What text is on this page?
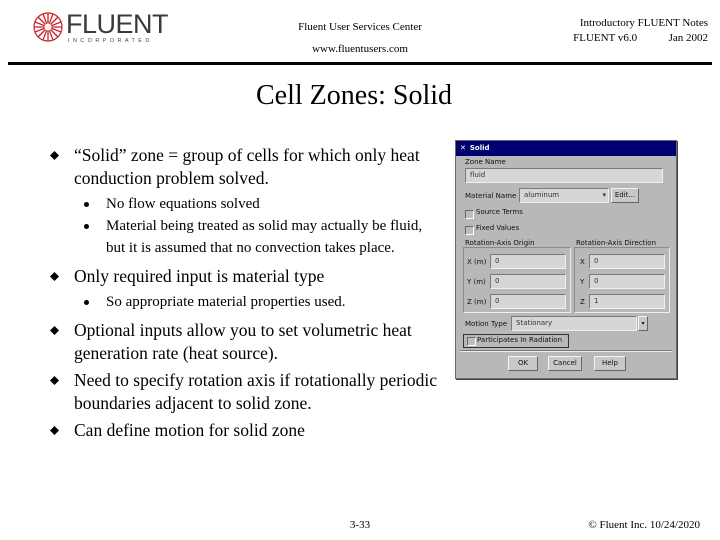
FLUENT
INCORPORATED
Fluent User Services Center
www.fluentusers.com
Introductory FLUENT Notes
FLUENT v6.0	Jan 2002
Cell Zones: Solid
“Solid” zone = group of cells for which only heat conduction problem solved.
No flow equations solved
Material being treated as solid may actually be fluid, but it is assumed that no convection takes place.
Only required input is material type
So appropriate material properties used.
Optional inputs allow you to set volumetric heat generation rate (heat source).
Need to specify rotation axis if rotationally periodic boundaries adjacent to solid zone.
Can define motion for solid zone
✕ Solid
Zone Name
fluid
Material Name	aluminum	▾	Edit...
Source Terms
Fixed Values
Rotation-Axis Origin	Rotation-Axis Direction
X (m)	0
Y (m)	0
Z (m)	0
X	0
Y	0
Z	1
Motion Type	Stationary	▾
Participates In Radiation
OK	Cancel	Help
3-33	© Fluent Inc. 10/24/2020
